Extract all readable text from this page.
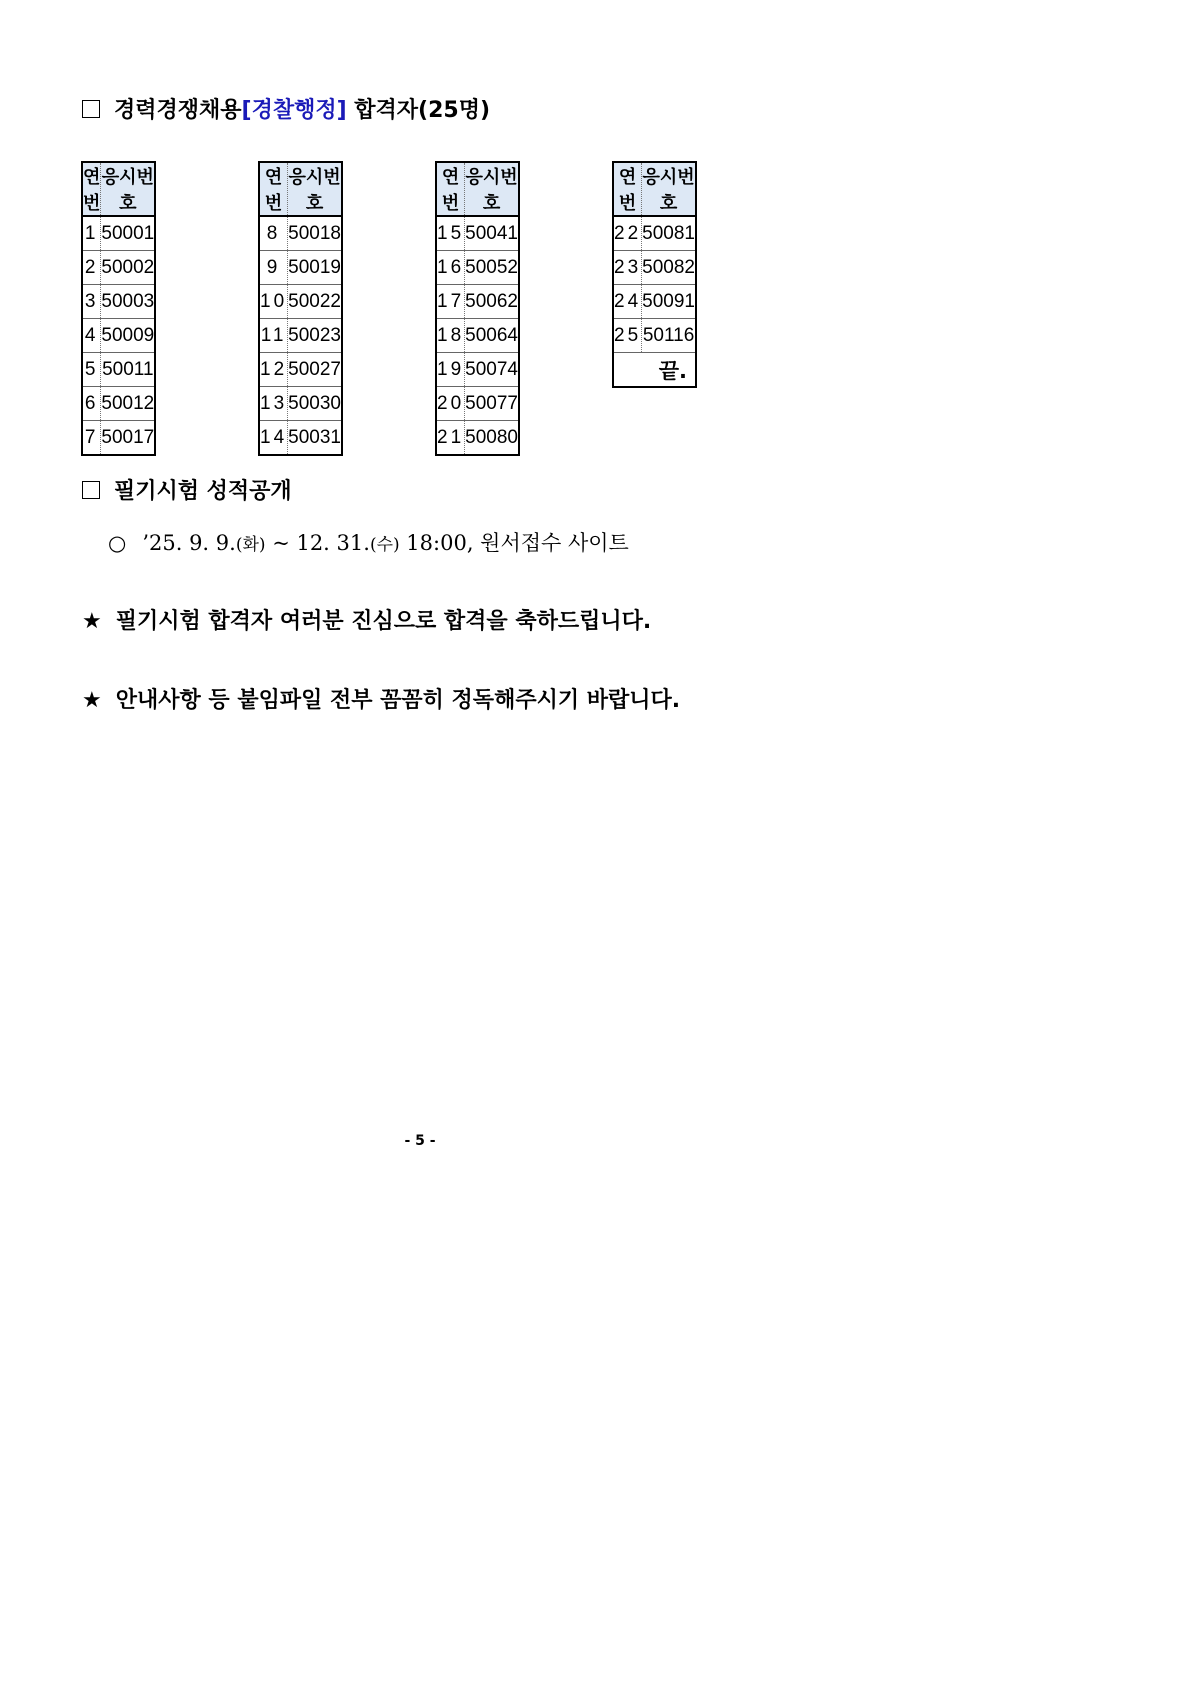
경력경쟁채용[경찰행정] 합격자(25명)
연번	응시번호
1	50001
2	50002
3	50003
4	50009
5	50011
6	50012
7	50017
연번	응시번호
8	50018
9	50019
10	50022
11	50023
12	50027
13	50030
14	50031
연번	응시번호
15	50041
16	50052
17	50062
18	50064
19	50074
20	50077
21	50080
연번	응시번호
22	50081
23	50082
24	50091
25	50116
끝.	
필기시험 성적공개
○ ’25. 9. 9.(화) ~ 12. 31.(수) 18:00, 원서접수 사이트
★ 필기시험 합격자 여러분 진심으로 합격을 축하드립니다.
★ 안내사항 등 붙임파일 전부 꼼꼼히 정독해주시기 바랍니다.
- 5 -
